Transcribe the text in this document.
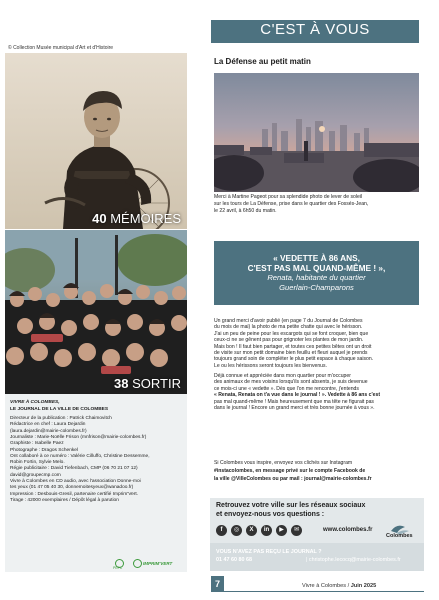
C'EST À VOUS
© Collection Musée municipal d'Art et d'Histoire
40 MÉMOIRES
38 SORTIR
VIVRE À COLOMBES,
LE JOURNAL DE LA VILLE DE COLOMBES
Directeur de la publication : Patrick Chaimovitch
Rédactrice en chef : Laura Dejardin
(laura.dejardin@mairie-colombes.fr)
Journaliste : Marie-Noëlle Frison (mnfrison@mairie-colombes.fr)
Graphiste : Isabelle Paez
Photographe : Dragos Schenkel
Ont collaboré à ce numéro : Valérie Cilluffo, Christine Dessemme,
Robin Fortin, Sylvie Melo.
Régie publicitaire : David Tiefenbach, CMP (06 70 21 07 12)
david@groupecmp.com
Vivre à Colombes en CD audio, avec l'association Donne-moi
tes yeux (01 47 05 40 30, donnemoitesyeux@wanadoo.fr)
Impression : Desbouis-Gresil, partenaire certifié Imprim'Vert.
Tirage : 42000 exemplaires / Dépôt légal à parution
PEFC
IMPRIM'VERT
La Défense au petit matin
Merci à Martine Pageot pour sa splendide photo de lever de soleil
sur les tours de La Défense, prise dans le quartier des Fossés-Jean,
le 22 avril, à 6h50 du matin.
« VEDETTE À 86 ANS,
C'EST PAS MAL QUAND-MÊME ! »,
Renata, habitante du quartier
Guerlain-Champarons
Un grand merci d'avoir publié (en page 7 du Journal de Colombes
du mois de mai) la photo de ma petite chatte qui avec le hérisson.
J'ai un peu de peine pour les escargots qui se font croquer, bien que
ceux-ci ne se gênent pas pour grignoter les plantes de mon jardin.
Mais bon ! Il faut bien partager, et toutes ces petites bêtes ont un droit
de visite sur mon petit domaine bien feuillu et fleuri auquel je prends
toujours grand soin de compléter le plus petit espace à chaque saison.
Le ou les hérissons seront toujours les bienvenus.
Déjà connue et appréciée dans mon quartier pour m'occuper
des animaux de mes voisins lorsqu'ils sont absents, je suis devenue
ce mois-ci une « vedette ». Dès que l'on me rencontre, j'entends
« Renata, Renata on t'a vue dans le journal ! ». Vedette à 86 ans c'est
pas mal quand-même ! Mais heureusement que ma tête ne figurait pas
dans le journal ! Encore un grand merci et très bonne journée à vous ».
Si Colombes vous inspire, envoyez vos clichés sur Instagram
#instacolombes, en message privé sur le compte Facebook de
la ville @VilleColombes ou par mail : journal@mairie-colombes.fr
Retrouvez votre ville sur les réseaux sociaux
et envoyez-nous vos questions :
f	◎	X	in	▶	✉	www.colombes.fr
Colombes
VOUS N'AVEZ PAS REÇU LE JOURNAL ?
01 47 60 80 68	| christophe.lecocq@mairie-colombes.fr
7	Vivre à Colombes / Juin 2025
